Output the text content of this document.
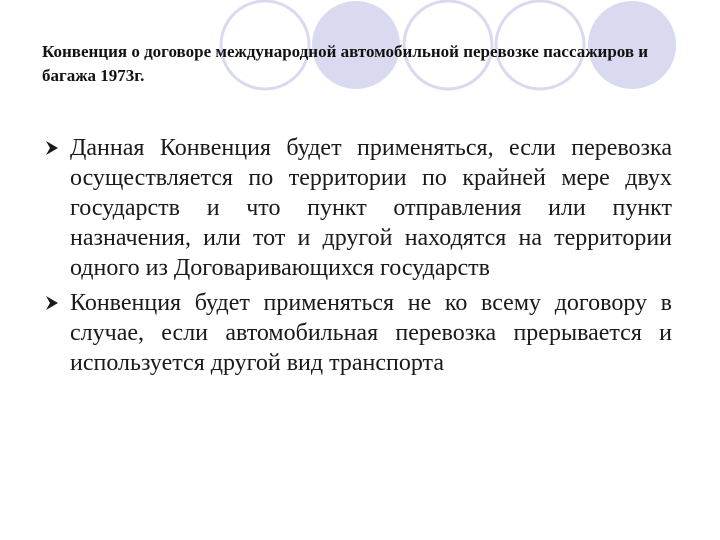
Конвенция о договоре международной автомобильной перевозке пассажиров и багажа 1973г.
Данная Конвенция будет применяться, если перевозка осуществляется по территории по крайней мере двух государств и что пункт отправления или пункт назначения, или тот и другой находятся на территории одного из Договаривающихся государств
Конвенция будет применяться не ко всему договору в случае, если автомобильная перевозка прерывается и используется другой вид транспорта
